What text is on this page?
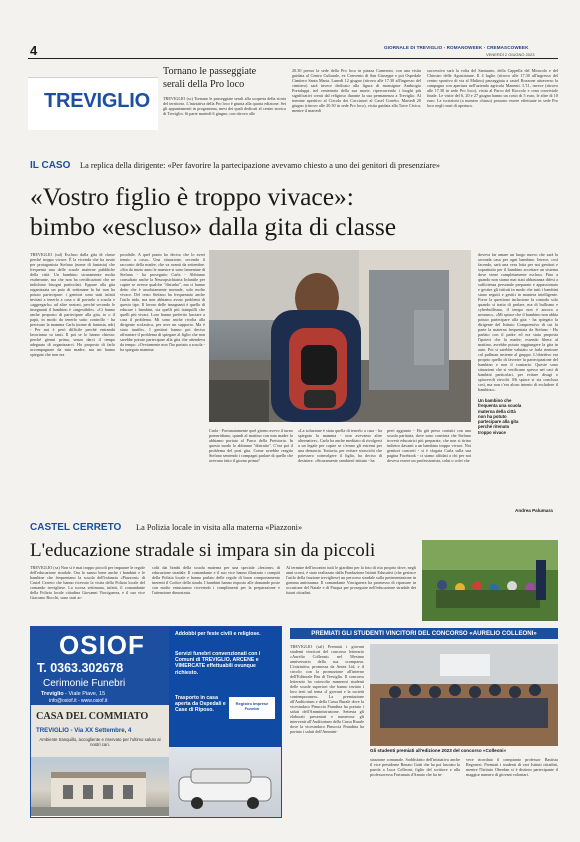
4	GIORNALE DI TREVIGLIO - ROMANOWEEK - CREMASCOWEEK
VENERDÌ 2 GIUGNO 2023
TREVIGLIO
Tornano le passeggiate
serali della Pro loco
TREVIGLIO (sc) Tornano le passeggiate serali alla scoperta della storia del territorio. L'iniziativa della Pro loco è giunta alla quarta edizione. Sei gli appuntamenti in programma, mesi dei quali dedicati al centro storico di Treviglio. Si parte martedì 6 giugno, con ritrovo alle
20.30 presso la sede della Pro loco in piazza Cameroni, con una visita guidata al Centro Culturale, ex Convento di San Giuseppe e poi Ospedale Cimitero Santa Maria. Lunedì 12 giugno (ritrovo alle 17.30 all'ingresso del cimitero) sarà invece dedicato alla figura di monsignor Ambrogio Portaluppi, nel centenario della sua morte, ripercorrendo i luoghi più significativi creati dal religioso durante la sua permanenza a Treviglio. Al termine aperitivo al Circolo dei Cacciatori al Casel Corrèto. Martedì 20 giugno (ritrovo alle 20.30 in sede Pro loco), visita guidata alla Torre Civica, mentre il martedì
successivo sarà la volta del Santuario, della Cappella del Miracolo e del Chiostro delle Agostiniane. Il 4 luglio (ritrovo alle 17.30 all'ingresso del centro sportivo di via al Mulino) passeggiata a castel Rozzone attraverso la campagna con apertura nell'azienda agricola Manenti. L'11, invece (ritrovo alle 17.30 in sede Pro loco), visita al Parco del Roccolo e cena conviviale finale. Le visite del 6, 20 e 27 giugno hanno un costo di 5 euro, le altre di 10 euro. Le iscrizioni (a numero chiuso) possono essere effettuate in sede Pro loco negli orari di apertura.
IL CASO La replica della dirigente: «Per favorire la partecipazione avevamo chiesto a uno dei genitori di presenziare»
«Vostro figlio è troppo vivace»:
bimbo «escluso» dalla gita di classe
TREVIGLIO (sal) Escluso dalla gita di classe perché troppo vivace. È la vicenda che ha avuto per protagonista Stefano (nome di fantasia) che frequenta una delle scuole materne pubbliche della città. Un bambino sicuramente molto esuberante, ma che non ha certificazioni che ne indichino bisogni particolari. Eppure alla gita organizzata un paio di settimane fa lui non ha potuto partecipare: i genitori sono stati infatti invitati a tenerlo a casa o di portarlo a scuola e «aggregarlo» ad altre sezioni, perché secondo le insegnanti il bambino è «ingestibile». «Ci hanno anche proposto di partecipare alla gita, io o il papà, in modo da tenerlo sotto controllo - ha precisato la mamma Carla (nome di fantasia, ndr) - Per noi è però difficile perché entrambi lavoriamo so tanti. Il poi se lo hanno chiesto: perché gienni prima, senza darci il tempo adeguato di organizzarci. Ho proposto di farlo accompagnare da mia madre, ma mi hanno spiegato che non era
possibile. A quel punto ho deciso che lo avrei tenuto a casa». Una situazione, secondo il racconto della madre, che va avanti da settembre. «Sin da inizio anno le maestre si sono lamentate di Stefano - ha proseguito Carla - Abbiamo consultato anche la Neuropsichiatria Infantile per capire se avesse qualche "disturbo", ma ci hanno detto che è assolutamente normale, solo molto vivace. Del resto Stefano ha frequentato anche l'asilo nido, ma non abbiamo avuto problemi di questo tipo. Il lavoro delle insegnanti è quello di educare i bambini, sia quelli più tranquilli che quelli più vivaci. Loro hanno preferito lasciare a casa il problema. Mi sono anche rivolta alla dirigente scolastica, per aver un supporto. Ma è stato inutile». I genitori hanno poi deciso affrontare il problema di spiegare al figlio che non sarebbe potuto partecipare alla gita che attendeva da tempo. «Ovviamente non l'ho portato a scuola - ha spiegato mamma
Un bambino che frequenta una scuola materna della città non ha potuto partecipare alla gita perché ritenuto troppo vivace
Carla - Fortunatamente quel giorno avevo il turno pomeridiano, quindi al mattino con mia madre lo abbiamo portato al Parco della Preistoria. In questo modo lo abbiamo "distratto". C'era poi il problema del post gita. Come avrebbe reagito Stefano sentendo i compagni parlare di quello che avevano fatto il giorno prima?
«La soluzione è stata quella di tenerlo a casa - ha spiegato la mamma - non avevamo altre alternative». Carla ha anche meditato di rivolgersi a un legale per capire se c'erano gli estremi per una denuncia. Tuttavia, per evitare strascichi che potessero coinvolgere il figlio, ha deciso di desistere. «Sicuramente cambierò istituto - ha
però aggiunto - Ho già preso contatti con una scuola paritaria, dove sono convinta che Stefano troverà educatrici più preparate, che non si tirino indietro davanti a un bambino troppo vivace. Noi genitori concreti - si è sfogata Carla sulla sua pagina Facebook - ci siamo affidati a chi per noi doveva essere un professionista, colui o colei che
doveva far amare un luogo nuovo che sarà la seconda casa per ogni bambino. Invece, così facendo, sarà una vera lotta per noi genitori e soprattutto per il bambino accettare un sistema dove viene completamente escluso. Fino a quando non siamo mai stati abbastanza difesi a sufficienza personale preparato e appassionato e gestire gli istituti in modo che tutti i bambini siano seguiti e gestiti in maniera intelligente. Forse la questione inclusione fa comodo solo quando si tratta di parlare, ma di bullismo e cyberbullismo, il tempo non è ancora a nessuno». «Mi spiace che il bambino non abbia potuto partecipare alla gita - ha spiegato la dirigente del Istituto Comprensivo di cui fa parte la materna frequentata da Stefano - Ho parlato con il padre ed era stata proposta l'ipotesi che la madre, essendo libera al mattino, avrebbe potuto raggiungere la gita in auto. Poi si sarebbe valutato se farla rientrare col pullman insieme al gruppo. L'obiettivo era proprio quello di favorire la partecipazione del bambino e non il contrario. Queste sono situazioni che si verificano spesso nei casi di bambini particolari, per evitare disagi o spiacevoli risvolti. Mi spiace si sia conclusa così, ma non c'era alcun intento di escludere il bambino».
Andrea Palumara
CASTEL CERRETO La Polizia locale in visita alla materna «Piazzoni»
L'educazione stradale si impara sin da piccoli
TREVIGLIO (sz) Non si è mai troppo piccoli per imparare le regole dell'educazione stradale. Ora lo sanno bene anche i bambini e le bambine che frequentano la scuola dell'infanzia «Piazzoni» di Castel Cerreto che hanno ricevuto la visita della Polizia locale del comando trevigliese. La scorsa settimana, infatti, il comandante della Polizia locale cittadina Giovanni Vinciguerra, e il suo vice Giacomo Bocchi, sono stati ac-
colti dai bimbi della scuola materna per una speciale «lezione» di educazione stradale. Il comandante e il suo vice hanno illustrato i compiti della Polizia locale e hanno parlato delle regole di buon comportamento inerenti il Codice della strada. I bambini hanno risposto alle domande poste con molto entusiasmo ricevendo i complimenti per la preparazione e l'attenzione dimostrata.
Al termine dell'incontro tutti le giardino per la foto di rito proprio dove, negli anni scorsi, è stato realizzato dalla Fondazione Istituti Educativi (che gestisce l'asilo della frazione trevigliese) un percorso stradale sulla pavimentazione in gomma antitrauma. Il comandante Vinciguerra ha promesso di ripassare in occasione del Natale e di Pasqua per proseguire nell'educazione stradale dei futuri cittadini.
OSIOF
T. 0363.302678
Cerimonie Funebri
Treviglio - Viale Piave, 15
info@osiof.it - www.osiof.it
CASA DEL COMMIATO
TREVIGLIO - Via XX Settembre, 4
Ambiente tranquillo, accogliente e riservato per l'ultimo saluto ai nostri cari.
Addobbi per feste civili e religiose.
Servizi funebri convenzionati con i Comuni di TREVIGLIO, ARCENE e VIMERCATE effettuabili ovunque richiesto.
Trasporto in casa aperta da Ospedali e Case di Riposo.
Registro Imprese Funebri
PREMIATI GLI STUDENTI VINCITORI DEL CONCORSO «AURELIO COLLEONI»
TREVIGLIO (sal) Premiati i giovani studenti vincitori del concorso letterario «Aurelio Colleoni» nel 50esimo anniversario della sua scomparsa. L'iniziativa, promossa da Antea Ltd, e il circolo con la promozione all'interno dell'Editorale Bru di Treviglio. Il concorso letterario ha coinvolto numerosi studenti delle scuole superiori che hanno inviato i loro testi sul tema «I giovani e la società contemporanea». La premiazione all'Auditorium e della Cassa Rurale dove la vicesindaco Pinuccia Prandina ha portato i saluti dell'Amministrazione. Settesta gli elaborati presentati e numerose gli interventi all'Auditorium della Cassa Rurale dove la vicesindaco Pinuccia Prandina ha portato i saluti dell'Ammini-
Gli studenti premiati all'edizione 2023 del concorso «Colleoni»
strazione comunale. Soddisfatto dell'iniziativa anche il vice presidente Renato Gatti che ha poi lasciato la parola a Luca Colleoni, figlio del scrittore e alla professoressa Fortunata d'Amato che ha in-
vece ricordato il compianto professor Bastista Regonesi. Premiati i studenti di vari Istituti cittadini, mentre l'Istituto Oberdan si è distinto partecipante il maggior numero di giovani volontari.
